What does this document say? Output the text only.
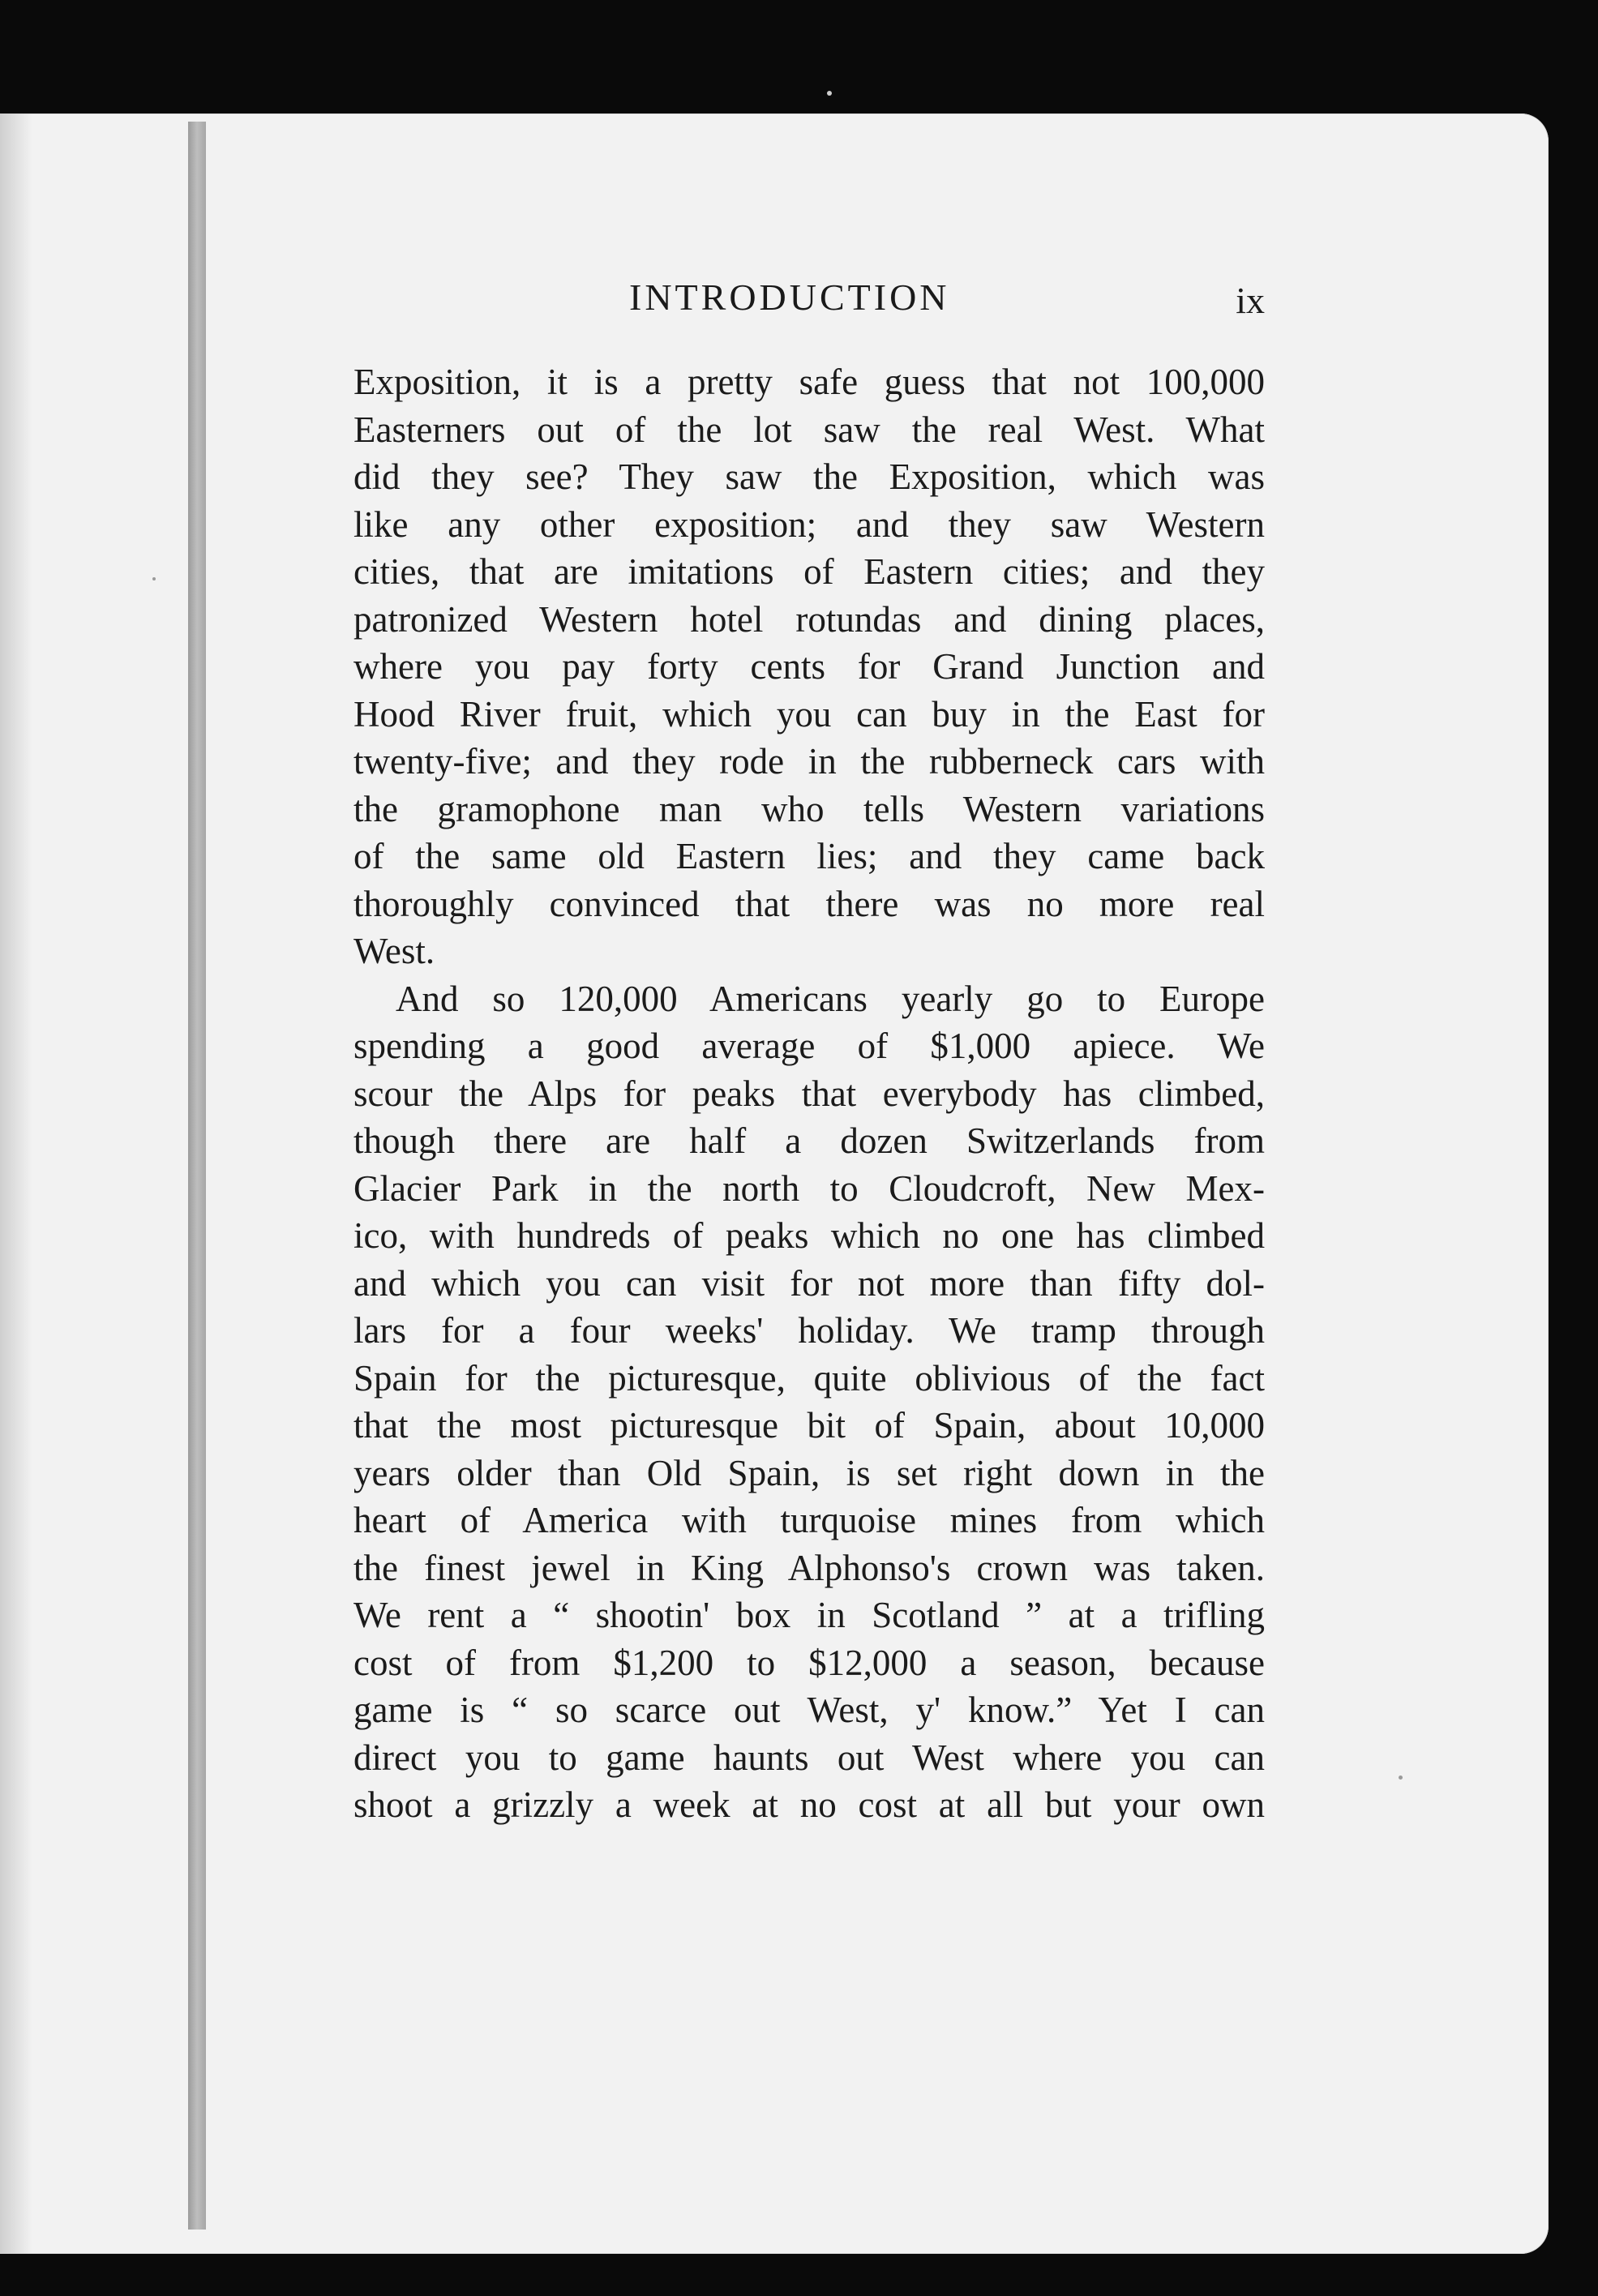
INTRODUCTION	ix
Exposition, it is a pretty safe guess that not 100,000
Easterners out of the lot saw the real West. What
did they see? They saw the Exposition, which was
like any other exposition; and they saw Western
cities, that are imitations of Eastern cities; and they
patronized Western hotel rotundas and dining places,
where you pay forty cents for Grand Junction and
Hood River fruit, which you can buy in the East for
twenty-five; and they rode in the rubberneck cars with
the gramophone man who tells Western variations
of the same old Eastern lies; and they came back
thoroughly convinced that there was no more real
West.
And so 120,000 Americans yearly go to Europe
spending a good average of $1,000 apiece. We
scour the Alps for peaks that everybody has climbed,
though there are half a dozen Switzerlands from
Glacier Park in the north to Cloudcroft, New Mex-
ico, with hundreds of peaks which no one has climbed
and which you can visit for not more than fifty dol-
lars for a four weeks' holiday. We tramp through
Spain for the picturesque, quite oblivious of the fact
that the most picturesque bit of Spain, about 10,000
years older than Old Spain, is set right down in the
heart of America with turquoise mines from which
the finest jewel in King Alphonso's crown was taken.
We rent a “ shootin' box in Scotland ” at a trifling
cost of from $1,200 to $12,000 a season, because
game is “ so scarce out West, y' know.” Yet I can
direct you to game haunts out West where you can
shoot a grizzly a week at no cost at all but your own
